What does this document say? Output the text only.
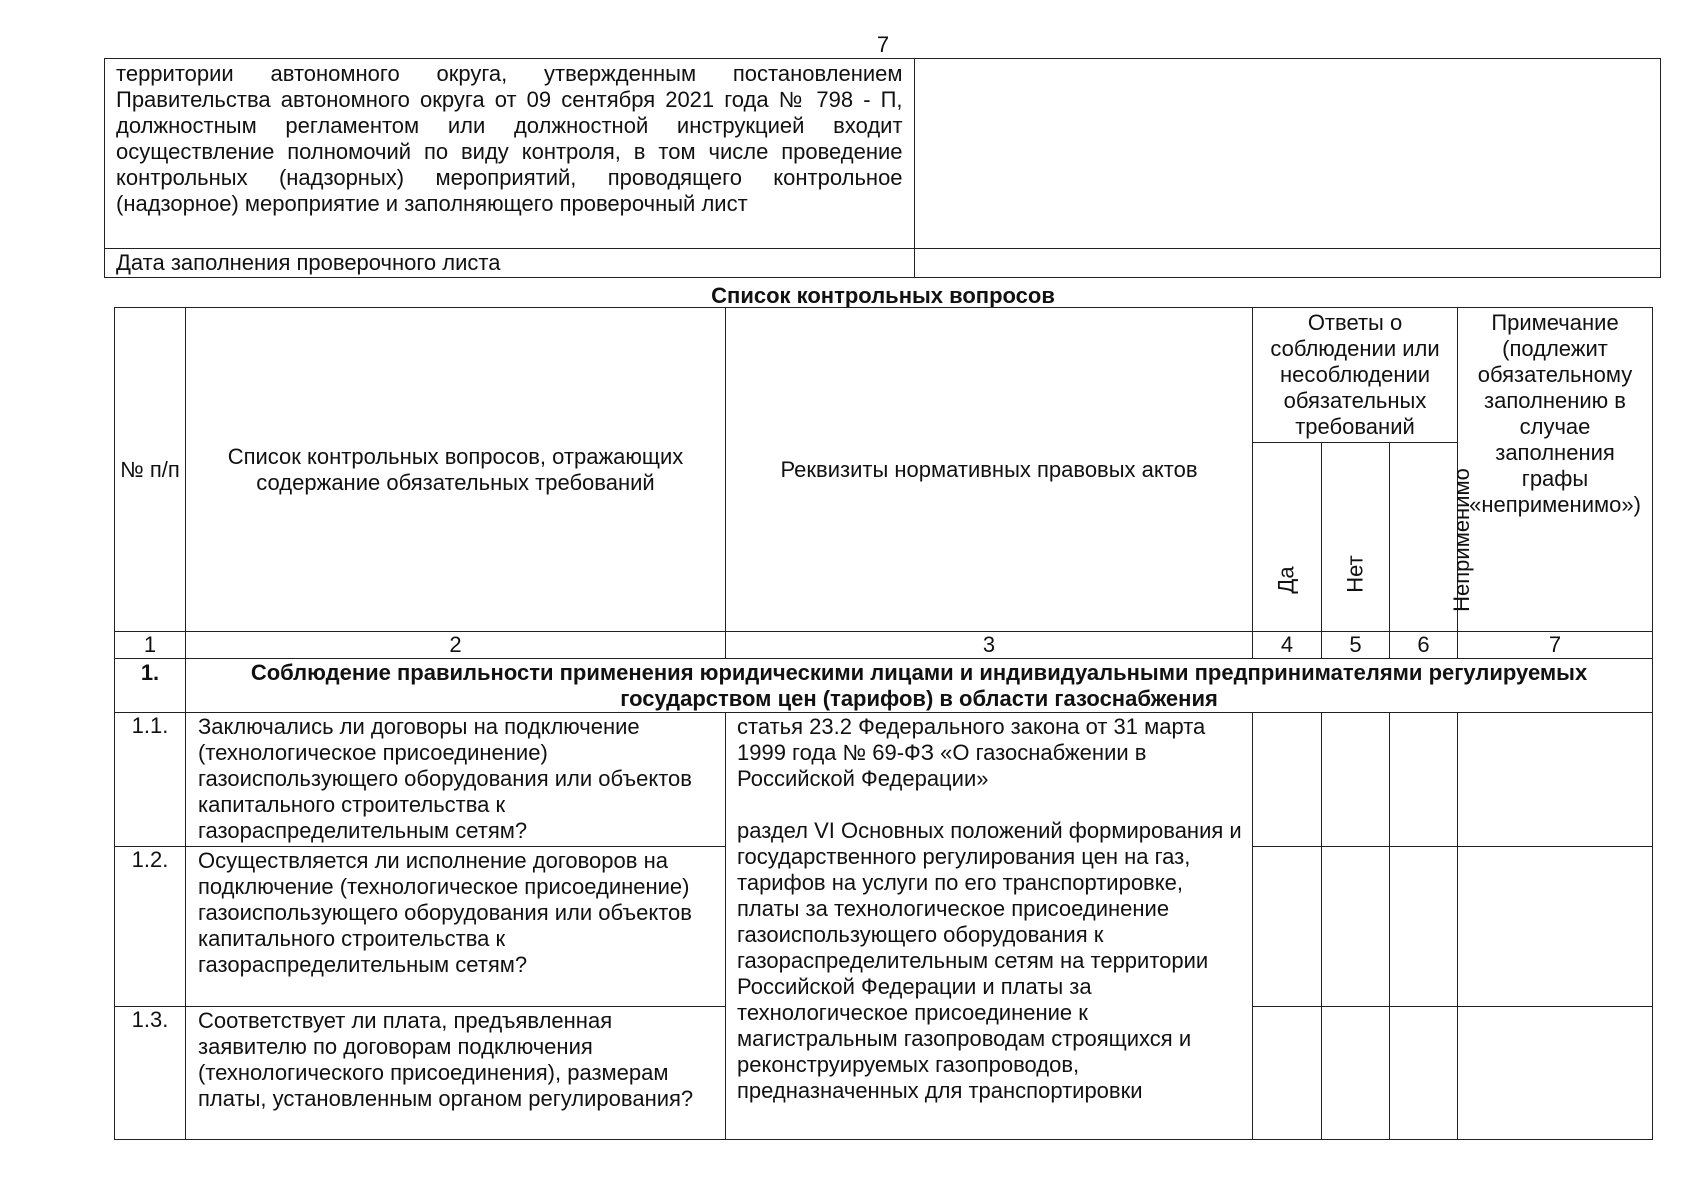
7
территории автономного округа, утвержденным постановлением Правительства автономного округа от 09 сентября 2021 года № 798 - П, должностным регламентом или должностной инструкцией входит осуществление полномочий по виду контроля, в том числе проведение контрольных (надзорных) мероприятий, проводящего контрольное (надзорное) мероприятие и заполняющего проверочный лист	
Дата заполнения проверочного листа	
Список контрольных вопросов
№ п/п	Список контрольных вопросов, отражающих содержание обязательных требований	Реквизиты нормативных правовых актов	Ответы о соблюдении или несоблюдении обязательных требований			Примечание (подлежит обязательному заполнению в случае заполнения графы «неприменимо»)
			Да	Нет	Неприменимо	
1	2	3	4	5	6	7
1.	Соблюдение правильности применения юридическими лицами и индивидуальными предпринимателями регулируемых государством цен (тарифов) в области газоснабжения					
1.1.	Заключались ли договоры на подключение (технологическое присоединение) газоиспользующего оборудования или объектов капитального строительства к газораспределительным сетям?	статья 23.2 Федерального закона от 31 марта 1999 года № 69-ФЗ «О газоснабжении в Российской Федерации»
раздел VI Основных положений формирования и государственного регулирования цен на газ, тарифов на услуги по его транспортировке, платы за технологическое присоединение газоиспользующего оборудования к газораспределительным сетям на территории Российской Федерации и платы за технологическое присоединение к магистральным газопроводам строящихся и реконструируемых газопроводов, предназначенных для транспортировки				

1.2.	Осуществляется ли исполнение договоров на подключение (технологическое присоединение) газоиспользующего оборудования или объектов капитального строительства к газораспределительным сетям?					
1.3.	Соответствует ли плата, предъявленная заявителю по договорам подключения (технологического присоединения), размерам платы, установленным органом регулирования?					
